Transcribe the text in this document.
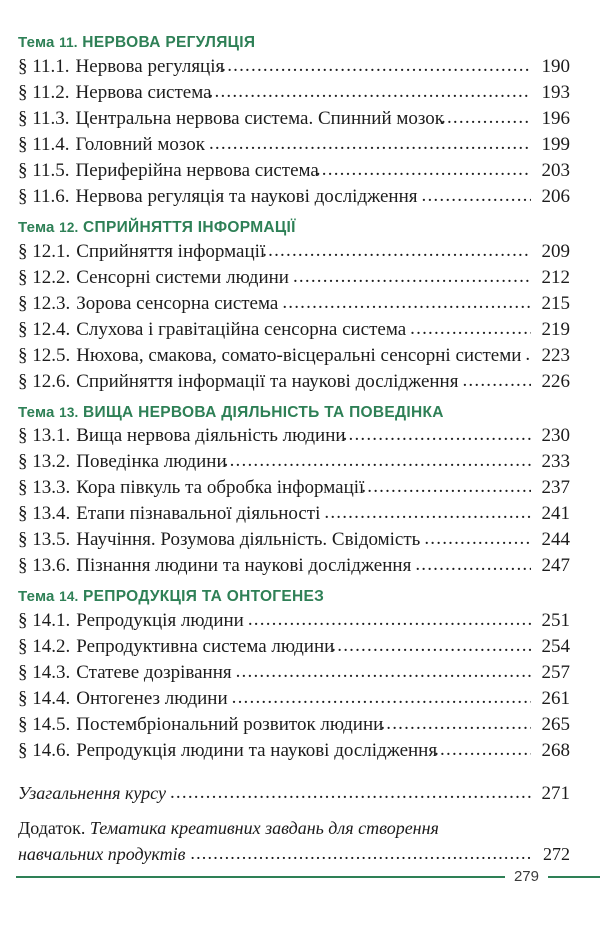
Тема 11. НЕРВОВА РЕГУЛЯЦІЯ
§ 11.1. Нервова регуляція .....	190
§ 11.2. Нервова система .....	193
§ 11.3. Центральна нервова система. Спинний мозок .....	196
§ 11.4. Головний мозок .....	199
§ 11.5. Периферійна нервова система .....	203
§ 11.6. Нервова регуляція та наукові дослідження .....	206
Тема 12. СПРИЙНЯТТЯ ІНФОРМАЦІЇ
§ 12.1. Сприйняття інформації .....	209
§ 12.2. Сенсорні системи людини .....	212
§ 12.3. Зорова сенсорна система .....	215
§ 12.4. Слухова і гравітаційна сенсорна система .....	219
§ 12.5. Нюхова, смакова, сомато-вісцеральні сенсорні системи .....	223
§ 12.6. Сприйняття інформації та наукові дослідження .....	226
Тема 13. ВИЩА НЕРВОВА ДІЯЛЬНІСТЬ ТА ПОВЕДІНКА
§ 13.1. Вища нервова діяльність людини .....	230
§ 13.2. Поведінка людини .....	233
§ 13.3. Кора півкуль та обробка інформації .....	237
§ 13.4. Етапи пізнавальної діяльності .....	241
§ 13.5. Научіння. Розумова діяльність. Свідомість .....	244
§ 13.6. Пізнання людини та наукові дослідження .....	247
Тема 14. РЕПРОДУКЦІЯ ТА ОНТОГЕНЕЗ
§ 14.1. Репродукція людини .....	251
§ 14.2. Репродуктивна система людини .....	254
§ 14.3. Статеве дозрівання .....	257
§ 14.4. Онтогенез людини .....	261
§ 14.5. Постембріональний розвиток людини .....	265
§ 14.6. Репродукція людини та наукові дослідження .....	268
Узагальнення курсу .....	271
Додаток. Тематика креативних завдань для створення
навчальних продуктів .....	272
279
